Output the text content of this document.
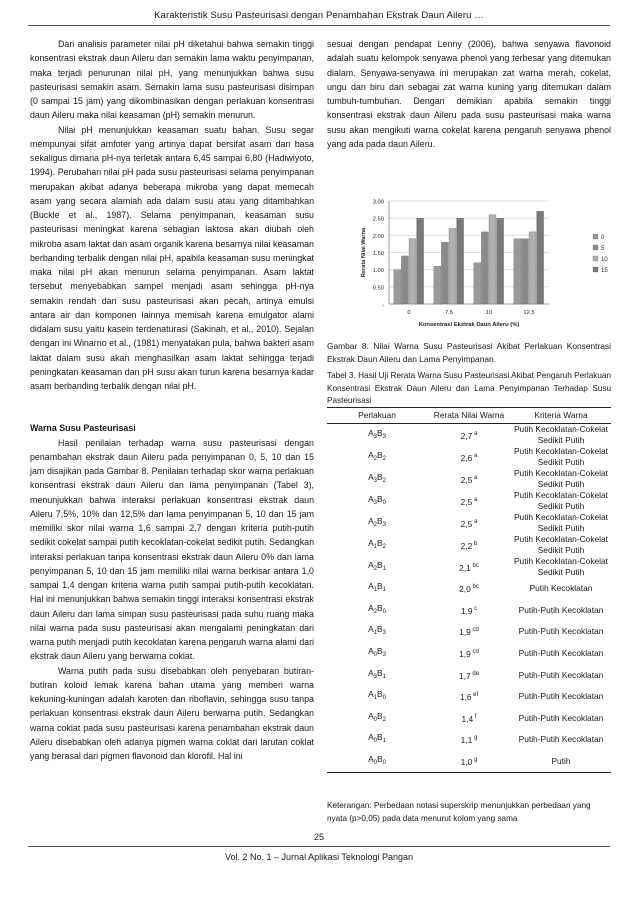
Karakteristik Susu Pasteurisasi dengan Penambahan Ekstrak Daun Aileru …

Dari analisis parameter nilai pH diketahui bahwa semakin tinggi konsentrasi ekstrak daun Aileru dan semakin lama waktu penyimpanan, maka terjadi penurunan nilai pH, yang menunjukkan bahwa susu pasteurisasi semakin asam. Semakin lama susu pasteurisasi disimpan (0 sampai 15 jam) yang dikombinasikan dengan perlakuan konsentrasi daun Aileru maka nilai keasaman (pH) semakin menurun.

Nilai pH menunjukkan keasaman suatu bahan. Susu segar mempunyai sifat amfoter yang artinya dapat bersifat asam dan basa sekaligus dimana pH-nya terletak antara 6,45 sampai 6,80 (Hadiwiyoto, 1994). Perubahan nilai pH pada susu pasteurisasi selama penyimpanan merupakan akibat adanya beberapa mikroba yang dapat memecah asam yang secara alamiah ada dalam susu atau yang ditambahkan (Buckle et al., 1987). Selama penyimpanan, keasaman susu pasteurisasi meningkat karena sebagian laktosa akan diubah oleh mikroba asam laktat dan asam organik karena besarnya nilai keasaman berbanding terbalik dengan nilai pH, apabila keasaman susu meningkat maka nilai pH akan menurun selama penyimpanan. Asam laktat tersebut menyebabkan sampel menjadi asam sehingga pH-nya semakin rendah dan susu pasteurisasi akan pecah, artinya emulsi antara air dan komponen lainnya memisah karena emulgator alami didalam susu yaitu kasein terdenaturasi (Sakinah, et al., 2010). Sejalan dengan ini Winarno et al., (1981) menyatakan pula, bahwa bakteri asam laktat dalam susu akan menghasilkan asam laktat sehingga terjadi peningkatan keasaman dan pH susu akan turun karena besarnya kadar asam berbanding terbalik dengan nilai pH.

Warna Susu Pasteurisasi

Hasil penilaian terhadap warna susu pasteurisasi dengan penambahan ekstrak daun Aileru pada penyimpanan 0, 5, 10 dan 15 jam disajikan pada Gambar 8. Penilaian terhadap skor warna perlakuan konsentrasi ekstrak daun Aileru dan lama penyimpanan (Tabel 3), menunjukkan bahwa interaksi perlakuan konsentrasi ekstrak daun Aileru 7,5%, 10% dan 12,5% dan lama penyimpanan 5, 10 dan 15 jam memiliki skor nilai warna 1,6 sampai 2,7 dengan kriteria putih-putih sedikit cokelat sampai putih kecoklatan-cokelat sedikit putih. Sedangkan interaksi perlakuan tanpa konsentrasi ekstrak daun Aileru 0% dan lama penyimpanan 5, 10 dan 15 jam memiliki nilai warna berkisar antara 1,0 sampai 1,4 dengan kriteria warna putih sampai putih-putih kecoklatan. Hal ini menunjukkan bahwa semakin tinggi interaksi konsentrasi ekstrak daun Aileru dan lama simpan susu pasteurisasi pada suhu ruang maka nilai warna pada susu pasteurisasi akan mengalami peningkatan dari warna putih menjadi putih kecoklatan karena pengaruh warna alami dari ekstrak daun Aileru yang berwarna coklat.

Warna putih pada susu disebabkan oleh penyebaran butiran-butiran koloid lemak karena bahan utama yang memberi warna kekuning-kuningan adalah karoten dan riboflavin, sehingga susu tanpa perlakuan konsentrasi ekstrak daun Aileru berwarna putih. Sedangkan warna coklat pada susu pasteurisasi karena penambahan ekstrak daun Aileru disebabkan oleh adanya pigmen warna coklat dari larutan coklat yang berasal dari pigmen flavonoid dan klorofil. Hal ini

sesuai dengan pendapat Lenny (2006), bahwa senyawa flavonoid adalah suatu kelompok senyawa phenol yang terbesar yang ditemukan dialam. Senyawa-senyawa ini merupakan zat warna merah, cokelat, ungu dan biru dan sebagai zat warna kuning yang ditemukan dalam tumbuh-tumbuhan. Dengan demikian apabila semakin tinggi konsentrasi ekstrak daun Aileru pada susu pasteurisasi maka warna susu akan mengikuti warna cokelat karena pengaruh senyawa phenol yang ada pada daun Aileru.

-
0.50
1.00
1.50
2.00
2.50
3.00
0	7.5	10	12.5
Konsentrasi Ekstrak Daun Aileru (%)
Rerata Nilai Warna	0
5
10
15
Gambar 8. Nilai Warna Susu Pasteurisasi Akibat Perlakuan Konsentrasi Ekstrak Daun Aileru dan Lama Penyimpanan.
Tabel 3. Hasil Uji Rerata Warna Susu Pasteurisasi Akibat Pengaruh Perlakuan Konsentrasi Ekstrak Daun Aileru dan Lama Penyimpanan Terhadap Susu Pasteurisasi
Perlakuan	Rerata Nilai Warna	Kriteria Warna
$A_3B_3$	2,7 $^a$	Putih Kecoklatan-Cokelat Sedikit Putih
$A_2B_2$	2,6 $^a$	Putih Kecoklatan-Cokelat Sedikit Putih
$A_3B_2$	2,5 $^a$	Putih Kecoklatan-Cokelat Sedikit Putih
$A_3B_0$	2,5 $^a$	Putih Kecoklatan-Cokelat Sedikit Putih
$A_2B_3$	2,5 $^a$	Putih Kecoklatan-Cokelat Sedikit Putih
$A_1B_2$	2,2 $^b$	Putih Kecoklatan-Cokelat Sedikit Putih
$A_2B_1$	2,1 $^{bc}$	Putih Kecoklatan-Cokelat Sedikit Putih
$A_1B_1$	2,0 $^{bc}$	Putih Kecoklatan
$A_2B_0$	1,9 $^c$	Putih-Putih Kecoklatan
$A_1B_3$	1,9 $^{cd}$	Putih-Putih Kecoklatan
$A_0B_3$	1,9 $^{cd}$	Putih-Putih Kecoklatan
$A_3B_1$	1,7 $^{de}$	Putih-Putih Kecoklatan
$A_1B_0$	1,6 $^{ef}$	Putih-Putih Kecoklatan
$A_0B_2$	1,4 $^f$	Putih-Putih Kecoklatan
$A_0B_1$	1,1 $^g$	Putih-Putih Kecoklatan
$A_0B_0$	1,0 $^g$	Putih
Keterangan: Perbedaan notasi superskrip menunjukkan perbedaan yang nyata (p>0,05) pada data menurut kolom yang sama
25
Vol. 2 No. 1 – Jurnal Aplikasi Teknologi Pangan
